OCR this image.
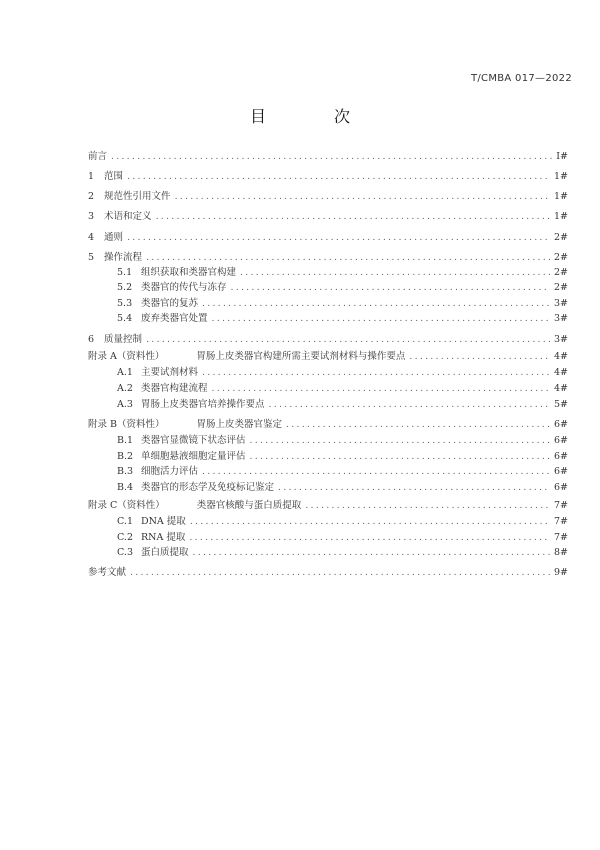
T/CMBA 017—2022
目　次
前言 .....	I#
1 范围 .....	1#
2 规范性引用文件 .....	1#
3 术语和定义 .....	1#
4 通则 .....	2#
5 操作流程 .....	2#
5.1 组织获取和类器官构建 .....	2#
5.2 类器官的传代与冻存 .....	2#
5.3 类器官的复苏 .....	3#
5.4 废弃类器官处置 .....	3#
6 质量控制 .....	3#
附录 A（资料性）	胃肠上皮类器官构建所需主要试剂材料与操作要点 .....	4#
A.1 主要试剂材料 .....	4#
A.2 类器官构建流程 .....	4#
A.3 胃肠上皮类器官培养操作要点 .....	5#
附录 B（资料性）	胃肠上皮类器官鉴定 .....	6#
B.1 类器官显微镜下状态评估 .....	6#
B.2 单细胞悬液细胞定量评估 .....	6#
B.3 细胞活力评估 .....	6#
B.4 类器官的形态学及免疫标记鉴定 .....	6#
附录 C（资料性）	类器官核酸与蛋白质提取 .....	7#
C.1 DNA 提取 .....	7#
C.2 RNA 提取 .....	7#
C.3 蛋白质提取 .....	8#
参考文献 .....	9#
